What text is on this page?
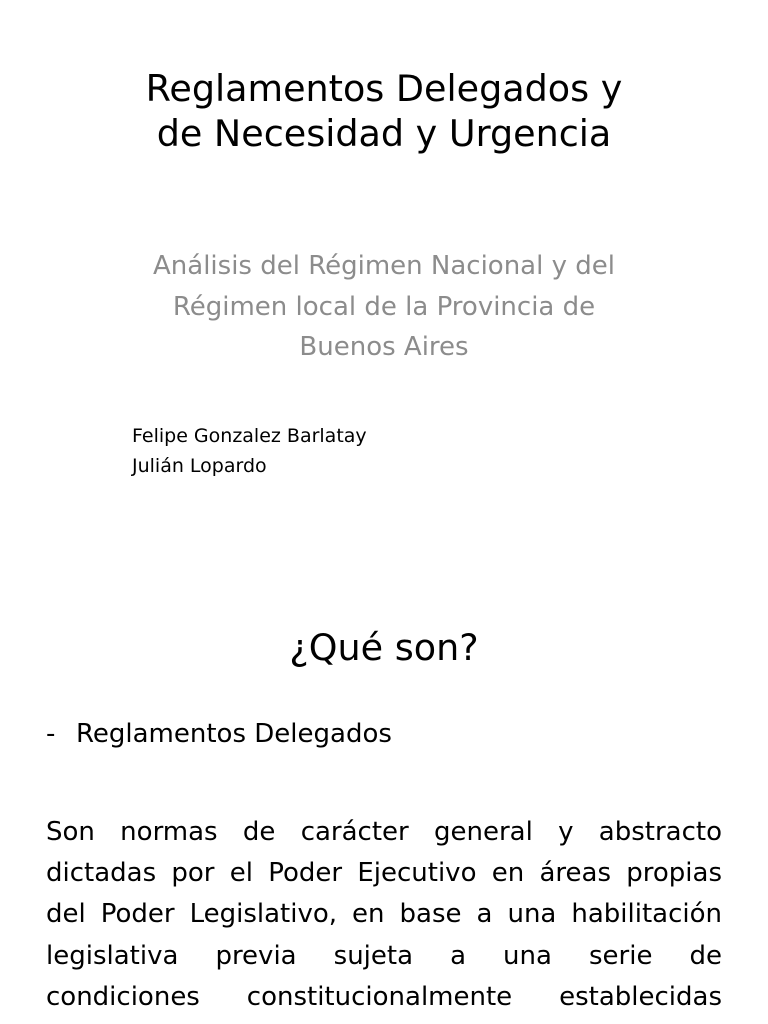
Reglamentos Delegados y
de Necesidad y Urgencia
Análisis del Régimen Nacional y del
Régimen local de la Provincia de
Buenos Aires
Felipe Gonzalez Barlatay
Julián Lopardo
¿Qué son?
- Reglamentos Delegados
Son normas de carácter general y abstracto
dictadas por el Poder Ejecutivo en áreas propias
del Poder Legislativo, en base a una habilitación
legislativa previa sujeta a una serie de
condiciones constitucionalmente establecidas
